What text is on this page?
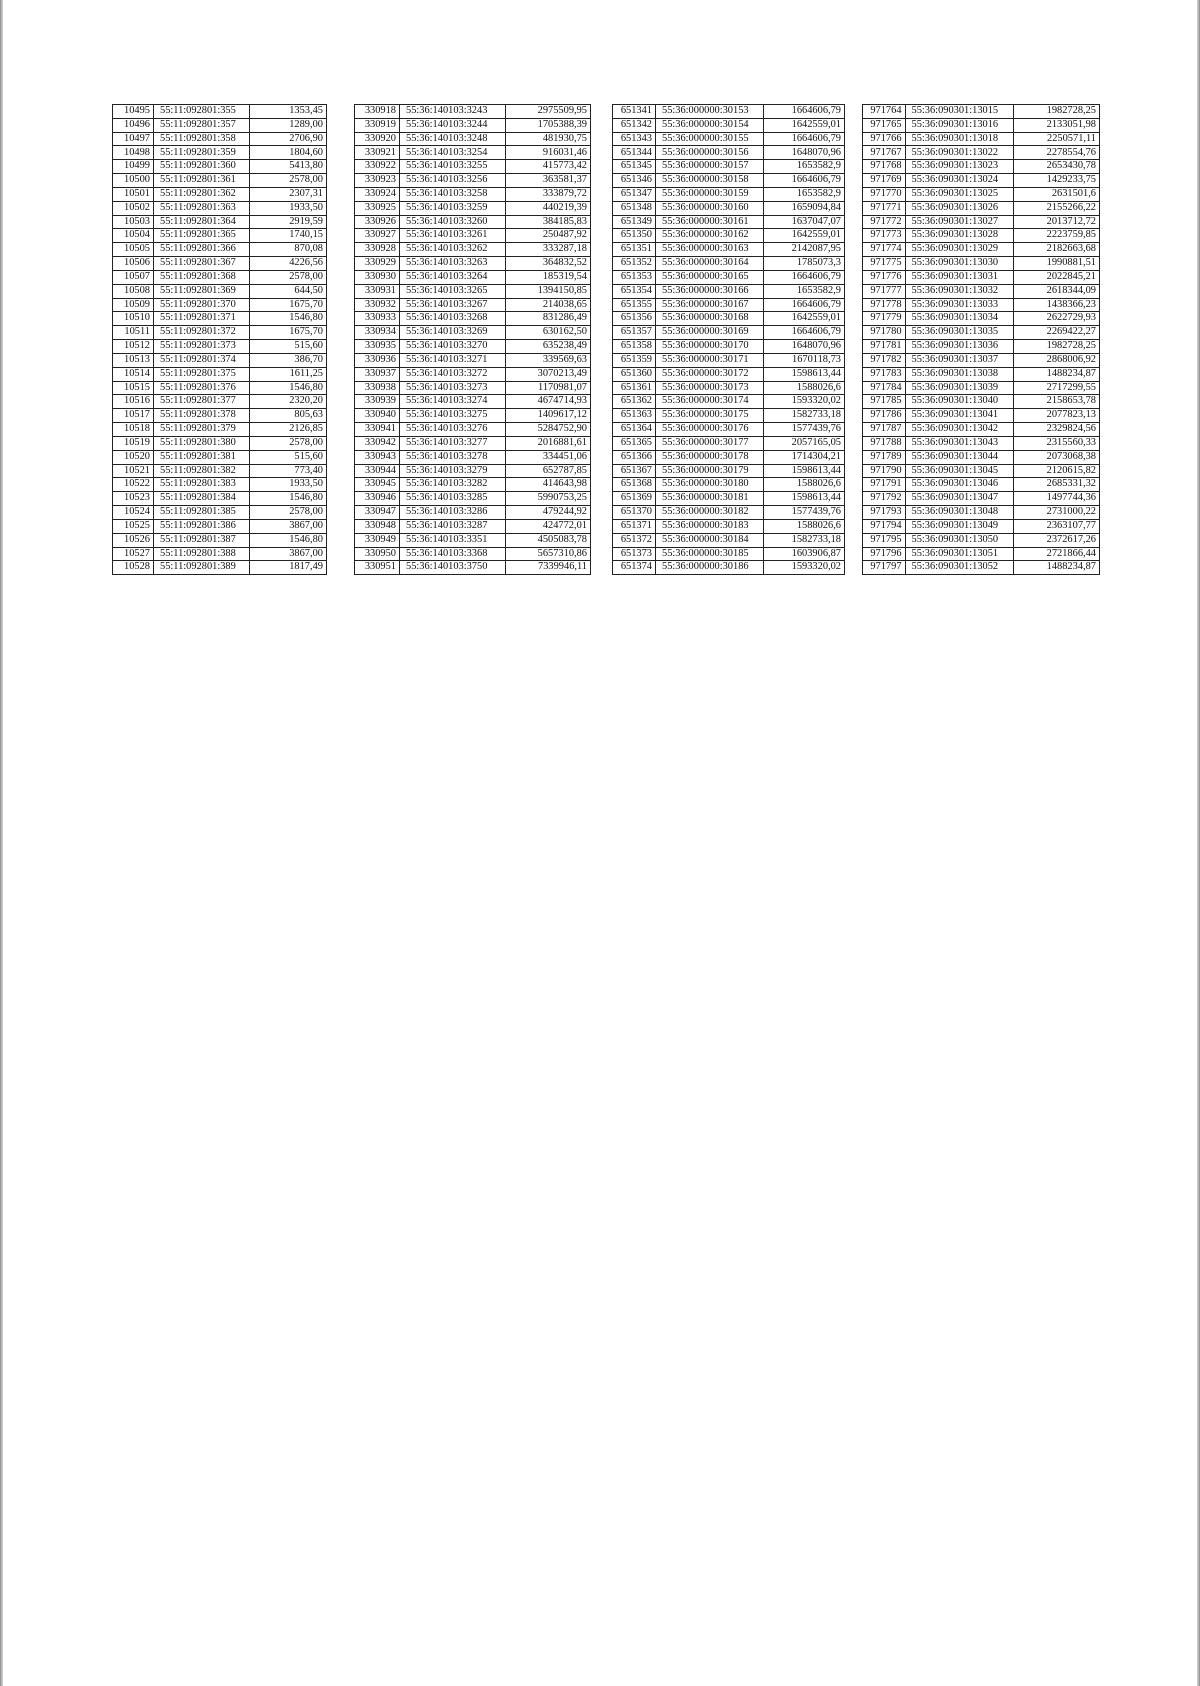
10495	55:11:092801:355	1353,45
10496	55:11:092801:357	1289,00
10497	55:11:092801:358	2706,90
10498	55:11:092801:359	1804,60
10499	55:11:092801:360	5413,80
10500	55:11:092801:361	2578,00
10501	55:11:092801:362	2307,31
10502	55:11:092801:363	1933,50
10503	55:11:092801:364	2919,59
10504	55:11:092801:365	1740,15
10505	55:11:092801:366	870,08
10506	55:11:092801:367	4226,56
10507	55:11:092801:368	2578,00
10508	55:11:092801:369	644,50
10509	55:11:092801:370	1675,70
10510	55:11:092801:371	1546,80
10511	55:11:092801:372	1675,70
10512	55:11:092801:373	515,60
10513	55:11:092801:374	386,70
10514	55:11:092801:375	1611,25
10515	55:11:092801:376	1546,80
10516	55:11:092801:377	2320,20
10517	55:11:092801:378	805,63
10518	55:11:092801:379	2126,85
10519	55:11:092801:380	2578,00
10520	55:11:092801:381	515,60
10521	55:11:092801:382	773,40
10522	55:11:092801:383	1933,50
10523	55:11:092801:384	1546,80
10524	55:11:092801:385	2578,00
10525	55:11:092801:386	3867,00
10526	55:11:092801:387	1546,80
10527	55:11:092801:388	3867,00
10528	55:11:092801:389	1817,49
330918	55:36:140103:3243	2975509,95
330919	55:36:140103:3244	1705388,39
330920	55:36:140103:3248	481930,75
330921	55:36:140103:3254	916031,46
330922	55:36:140103:3255	415773,42
330923	55:36:140103:3256	363581,37
330924	55:36:140103:3258	333879,72
330925	55:36:140103:3259	440219,39
330926	55:36:140103:3260	384185,83
330927	55:36:140103:3261	250487,92
330928	55:36:140103:3262	333287,18
330929	55:36:140103:3263	364832,52
330930	55:36:140103:3264	185319,54
330931	55:36:140103:3265	1394150,85
330932	55:36:140103:3267	214038,65
330933	55:36:140103:3268	831286,49
330934	55:36:140103:3269	630162,50
330935	55:36:140103:3270	635238,49
330936	55:36:140103:3271	339569,63
330937	55:36:140103:3272	3070213,49
330938	55:36:140103:3273	1170981,07
330939	55:36:140103:3274	4674714,93
330940	55:36:140103:3275	1409617,12
330941	55:36:140103:3276	5284752,90
330942	55:36:140103:3277	2016881,61
330943	55:36:140103:3278	334451,06
330944	55:36:140103:3279	652787,85
330945	55:36:140103:3282	414643,98
330946	55:36:140103:3285	5990753,25
330947	55:36:140103:3286	479244,92
330948	55:36:140103:3287	424772,01
330949	55:36:140103:3351	4505083,78
330950	55:36:140103:3368	5657310,86
330951	55:36:140103:3750	7339946,11
651341	55:36:000000:30153	1664606,79
651342	55:36:000000:30154	1642559,01
651343	55:36:000000:30155	1664606,79
651344	55:36:000000:30156	1648070,96
651345	55:36:000000:30157	1653582,9
651346	55:36:000000:30158	1664606,79
651347	55:36:000000:30159	1653582,9
651348	55:36:000000:30160	1659094,84
651349	55:36:000000:30161	1637047,07
651350	55:36:000000:30162	1642559,01
651351	55:36:000000:30163	2142087,95
651352	55:36:000000:30164	1785073,3
651353	55:36:000000:30165	1664606,79
651354	55:36:000000:30166	1653582,9
651355	55:36:000000:30167	1664606,79
651356	55:36:000000:30168	1642559,01
651357	55:36:000000:30169	1664606,79
651358	55:36:000000:30170	1648070,96
651359	55:36:000000:30171	1670118,73
651360	55:36:000000:30172	1598613,44
651361	55:36:000000:30173	1588026,6
651362	55:36:000000:30174	1593320,02
651363	55:36:000000:30175	1582733,18
651364	55:36:000000:30176	1577439,76
651365	55:36:000000:30177	2057165,05
651366	55:36:000000:30178	1714304,21
651367	55:36:000000:30179	1598613,44
651368	55:36:000000:30180	1588026,6
651369	55:36:000000:30181	1598613,44
651370	55:36:000000:30182	1577439,76
651371	55:36:000000:30183	1588026,6
651372	55:36:000000:30184	1582733,18
651373	55:36:000000:30185	1603906,87
651374	55:36:000000:30186	1593320,02
971764	55:36:090301:13015	1982728,25
971765	55:36:090301:13016	2133051,98
971766	55:36:090301:13018	2250571,11
971767	55:36:090301:13022	2278554,76
971768	55:36:090301:13023	2653430,78
971769	55:36:090301:13024	1429233,75
971770	55:36:090301:13025	2631501,6
971771	55:36:090301:13026	2155266,22
971772	55:36:090301:13027	2013712,72
971773	55:36:090301:13028	2223759,85
971774	55:36:090301:13029	2182663,68
971775	55:36:090301:13030	1990881,51
971776	55:36:090301:13031	2022845,21
971777	55:36:090301:13032	2618344,09
971778	55:36:090301:13033	1438366,23
971779	55:36:090301:13034	2622729,93
971780	55:36:090301:13035	2269422,27
971781	55:36:090301:13036	1982728,25
971782	55:36:090301:13037	2868006,92
971783	55:36:090301:13038	1488234,87
971784	55:36:090301:13039	2717299,55
971785	55:36:090301:13040	2158653,78
971786	55:36:090301:13041	2077823,13
971787	55:36:090301:13042	2329824,56
971788	55:36:090301:13043	2315560,33
971789	55:36:090301:13044	2073068,38
971790	55:36:090301:13045	2120615,82
971791	55:36:090301:13046	2685331,32
971792	55:36:090301:13047	1497744,36
971793	55:36:090301:13048	2731000,22
971794	55:36:090301:13049	2363107,77
971795	55:36:090301:13050	2372617,26
971796	55:36:090301:13051	2721866,44
971797	55:36:090301:13052	1488234,87
